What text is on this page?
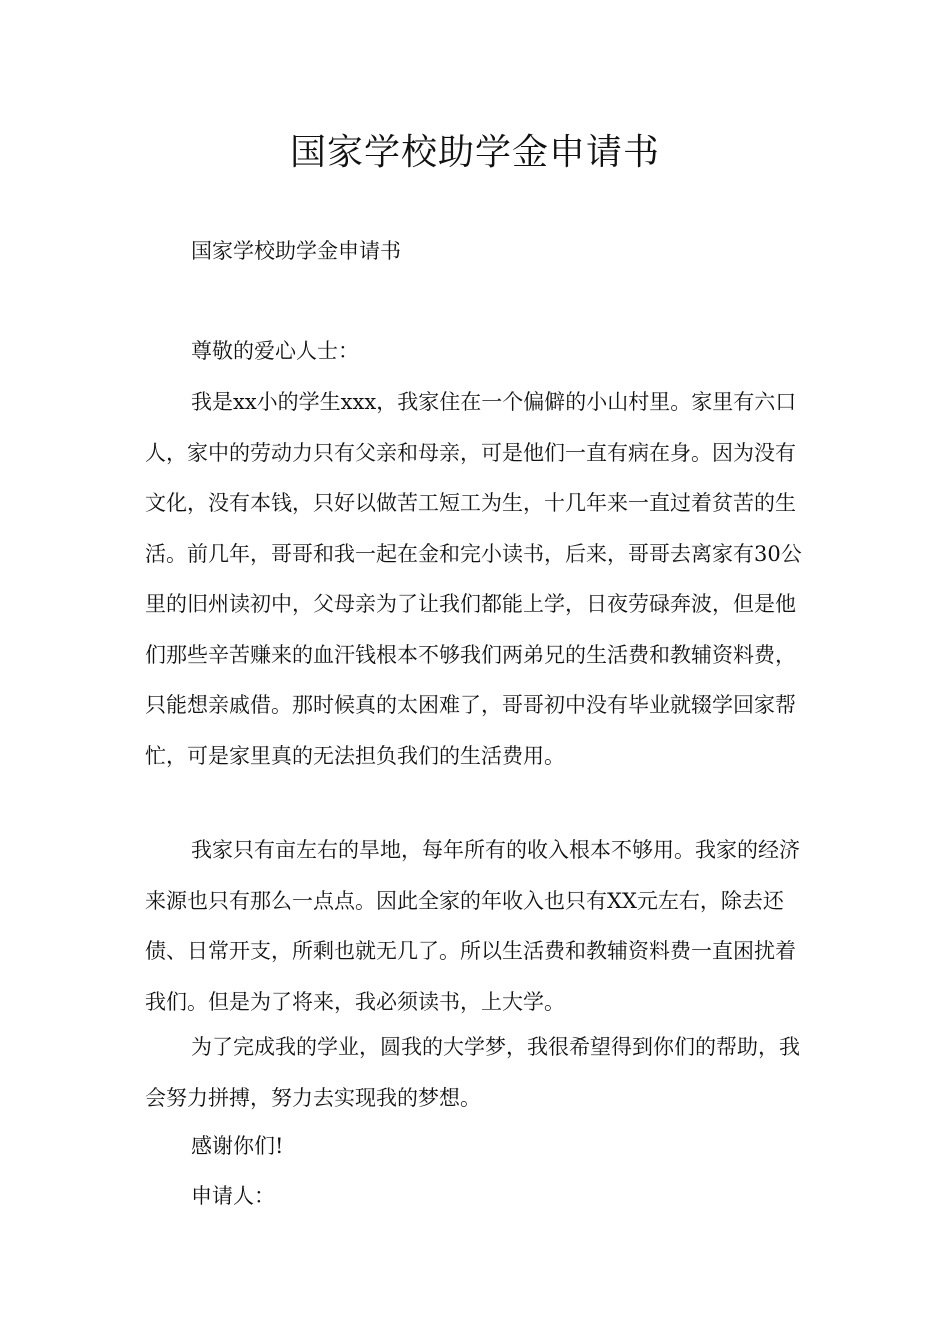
国家学校助学金申请书

国家学校助学金申请书

尊敬的爱心人士：

我是xx小的学生xxx，我家住在一个偏僻的小山村里。家里有六口人，家中的劳动力只有父亲和母亲，可是他们一直有病在身。因为没有文化，没有本钱，只好以做苦工短工为生，十几年来一直过着贫苦的生活。前几年，哥哥和我一起在金和完小读书，后来，哥哥去离家有30公里的旧州读初中，父母亲为了让我们都能上学，日夜劳碌奔波，但是他们那些辛苦赚来的血汗钱根本不够我们两弟兄的生活费和教辅资料费，只能想亲戚借。那时候真的太困难了，哥哥初中没有毕业就辍学回家帮忙，可是家里真的无法担负我们的生活费用。

我家只有亩左右的旱地，每年所有的收入根本不够用。我家的经济来源也只有那么一点点。因此全家的年收入也只有XX元左右，除去还债、日常开支，所剩也就无几了。所以生活费和教辅资料费一直困扰着我们。但是为了将来，我必须读书，上大学。

为了完成我的学业，圆我的大学梦，我很希望得到你们的帮助，我会努力拼搏，努力去实现我的梦想。

感谢你们!

申请人：
